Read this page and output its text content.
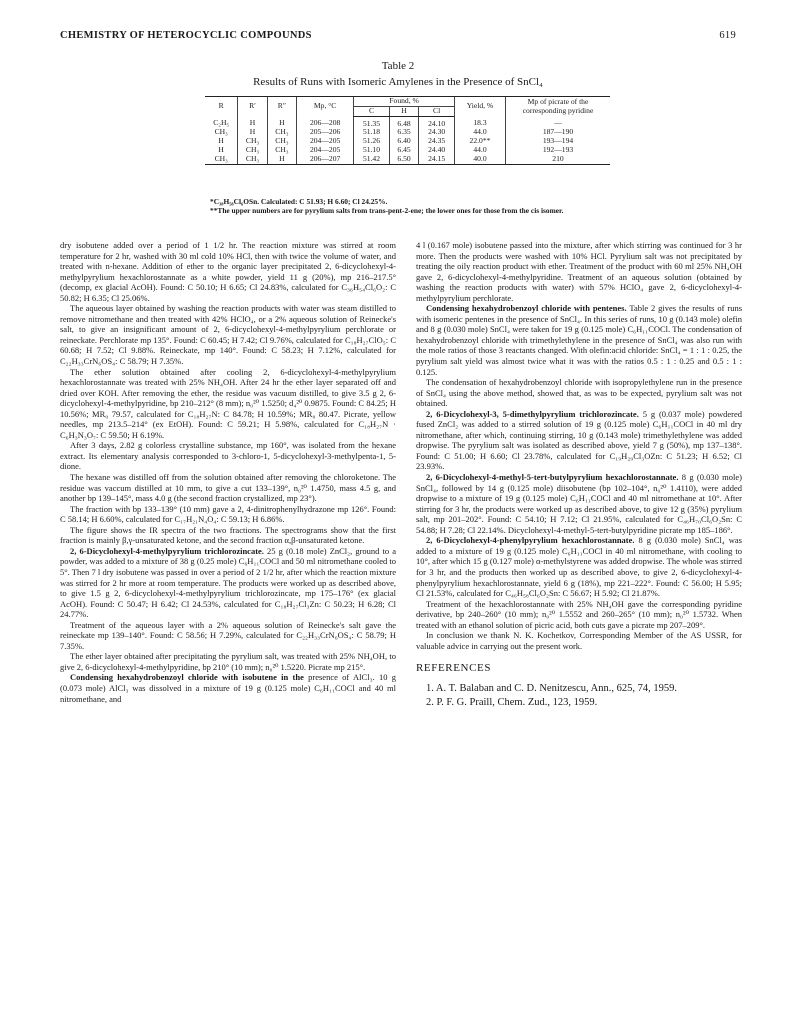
CHEMISTRY OF HETEROCYCLIC COMPOUNDS	619
Table 2
Results of Runs with Isomeric Amylenes in the Presence of SnCl₄
R	R′	R″	Mp, °C	Found, %			Yield, %	Mp of picrate of the corresponding pyridine
				C	H	Cl		
C₂H₅	H	H	206—208	51.35	6.48	24.10	18.3	—
CH₃	H	CH₃	205—206	51.18	6.35	24.30	44.0	187—190
H	CH₃	CH₃	204—205	51.26	6.40	24.35	22.0**	193—194
H	CH₃	CH₃	204—205	51.10	6.45	24.40	44.0	192—193
CH₃	CH₃	H	206—207	51.42	6.50	24.15	40.0	210
*C₃₈H₅₈Cl₆OSn. Calculated: C 51.93; H 6.60; Cl 24.25%.
**The upper numbers are for pyrylium salts from trans-pent-2-ene; the lower ones for those from the cis isomer.

dry isobutene added over a period of 1 1/2 hr. The reaction mixture was stirred at room temperature for 2 hr, washed with 30 ml cold 10% HCl, then with twice the volume of water, and treated with n-hexane. Addition of ether to the organic layer precipitated 2, 6-dicyclohexyl-4-methylpyrylium hexachlorostannate as a white powder, yield 11 g (20%), mp 216–217.5° (decomp, ex glacial AcOH). Found: C 50.10; H 6.65; Cl 24.83%, calculated for C₃₆H₅₄Cl₆O₂: C 50.82; H 6.35; Cl 25.06%.

The aqueous layer obtained by washing the reaction products with water was steam distilled to remove nitromethane and then treated with 42% HClO₄, or a 2% aqueous solution of Reinecke's salt, to give an insignificant amount of 2, 6-dicyclohexyl-4-methylpyrylium perchlorate or reineckate. Perchlorate mp 135°. Found: C 60.45; H 7.42; Cl 9.76%, calculated for C₁₈H₂₇ClO₅: C 60.68; H 7.52; Cl 9.88%. Reineckate, mp 140°. Found: C 58.23; H 7.12%, calculated for C₂₂H₃₃CrN₆OS₄: C 58.79; H 7.35%.

The ether solution obtained after cooling 2, 6-dicyclohexyl-4-methylpyrylium hexachlorostannate was treated with 25% NH₄OH. After 24 hr the ether layer separated off and dried over KOH. After removing the ether, the residue was vacuum distilled, to give 3.5 g 2, 6-dicyclohexyl-4-methylpyridine, bp 210–212° (8 mm); n₀²⁰ 1.5250; d₄²⁰ 0.9875. Found: C 84.25; H 10.56%; MR₀ 79.57, calculated for C₁₈H₂₇N: C 84.78; H 10.59%; MR₀ 80.47. Picrate, yellow needles, mp 213.5–214° (ex EtOH). Found: C 59.21; H 5.98%, calculated for C₁₈H₂₇N · C₆H₃N₃O₇: C 59.50; H 6.19%.

After 3 days, 2.82 g colorless crystalline substance, mp 160°, was isolated from the hexane extract. Its elementary analysis corresponded to 3-chloro-1, 5-dicyclohexyl-3-methylpenta-1, 5-dione.

The hexane was distilled off from the solution obtained after removing the chloroketone. The residue was vaccum distilled at 10 mm, to give a cut 133–139°, n₀²⁰ 1.4750, mass 4.5 g, and another bp 139–145°, mass 4.0 g (the second fraction crystallized, mp 23°).

The fraction with bp 133–139° (10 mm) gave a 2, 4-dinitrophenylhydrazone mp 126°. Found: C 58.14; H 6.60%, calculated for C₁₇H₂₁N₄O₄: C 59.13; H 6.86%.

The figure shows the IR spectra of the two fractions. The spectrograms show that the first fraction is mainly β,γ-unsaturated ketone, and the second fraction α,β-unsaturated ketone.

2, 6-Dicyclohexyl-4-methylpyrylium trichlorozincate. 25 g (0.18 mole) ZnCl₂, ground to a powder, was added to a mixture of 38 g (0.25 mole) C₆H₁₁COCl and 50 ml nitromethane cooled to 5°. Then 7 l dry isobutene was passed in over a period of 2 1/2 hr, after which the reaction mixture was stirred for 2 hr more at room temperature. The products were worked up as described above, to give 1.5 g 2, 6-dicyclohexyl-4-methylpyrylium trichlorozincate, mp 175–176° (ex glacial AcOH). Found: C 50.47; H 6.42; Cl 24.53%, calculated for C₁₈H₂₇Cl₃Zn: C 50.23; H 6.28; Cl 24.77%.

Treatment of the aqueous layer with a 2% aqueous solution of Reinecke's salt gave the reineckate mp 139–140°. Found: C 58.56; H 7.29%, calculated for C₂₂H₃₃CrN₆OS₄: C 58.79; H 7.35%.

The ether layer obtained after precipitating the pyrylium salt, was treated with 25% NH₄OH, to give 2, 6-dicyclohexyl-4-methylpyridine, bp 210° (10 mm); n₀²⁰ 1.5220. Picrate mp 215°.

Condensing hexahydrobenzoyl chloride with isobutene in the presence of AlCl₃. 10 g (0.073 mole) AlCl₃ was dissolved in a mixture of 19 g (0.125 mole) C₆H₁₁COCl and 40 ml nitromethane, and

4 l (0.167 mole) isobutene passed into the mixture, after which stirring was continued for 3 hr more. Then the products were washed with 10% HCl. Pyrylium salt was not precipitated by treating the oily reaction product with ether. Treatment of the product with 60 ml 25% NH₄OH gave 2, 6-dicyclohexyl-4-methylpyridine. Treatment of an aqueous solution (obtained by washing the reaction products with water) with 57% HClO₄ gave 2, 6-dicyclohexyl-4-methylpyrylium perchlorate.

Condensing hexahydrobenzoyl chloride with pentenes. Table 2 gives the results of runs with isomeric pentenes in the presence of SnCl₄. In this series of runs, 10 g (0.143 mole) olefin and 8 g (0.030 mole) SnCl₄ were taken for 19 g (0.125 mole) C₆H₁₁COCl. The condensation of hexahydrobenzoyl chloride with trimethylethylene in the presence of SnCl₄ was also run with the mole ratios of those 3 reactants changed. With olefin:acid chloride: SnCl₄ = 1 : 1 : 0.25, the pyrylium salt yield was almost twice what it was with the ratios 0.5 : 1 : 0.25 and 0.5 : 1 : 0.125.

The condensation of hexahydrobenzoyl chloride with isopropylethylene run in the presence of SnCl₄ using the above method, showed that, as was to be expected, pyrylium salt was not obtained.

2, 6-Dicyclohexyl-3, 5-dimethylpyrylium trichlorozincate. 5 g (0.037 mole) powdered fused ZnCl₂ was added to a stirred solution of 19 g (0.125 mole) C₆H₁₁COCl in 40 ml dry nitromethane, after which, continuing stirring, 10 g (0.143 mole) trimethylethylene was added dropwise. The pyrylium salt was isolated as described above, yield 7 g (50%), mp 137–138°. Found: C 51.00; H 6.60; Cl 23.78%, calculated for C₁₉H₂₉Cl₃OZn: C 51.23; H 6.52; Cl 23.93%.

2, 6-Dicyclohexyl-4-methyl-5-tert-butylpyrylium hexachlorostannate. 8 g (0.030 mole) SnCl₄, followed by 14 g (0.125 mole) diisobutene (bp 102–104°, n₀²⁰ 1.4110), were added dropwise to a mixture of 19 g (0.125 mole) C₆H₁₁COCl and 40 ml nitromethane at 10°. After stirring for 3 hr, the products were worked up as described above, to give 12 g (35%) pyrylium salt, mp 201–202°. Found: C 54.10; H 7.12; Cl 21.95%, calculated for C₄₆H₇₀Cl₆O₂Sn: C 54.88; H 7.28; Cl 22.14%. Dicyclohexyl-4-methyl-5-tert-butylpyridine picrate mp 185–186°.

2, 6-Dicyclohexyl-4-phenylpyrylium hexachlorostannate. 8 g (0.030 mole) SnCl₄ was added to a mixture of 19 g (0.125 mole) C₆H₁₁COCl in 40 ml nitromethane, with cooling to 10°, after which 15 g (0.127 mole) α-methylstyrene was added dropwise. The whole was stirred for 3 hr, and the products then worked up as described above, to give 2, 6-dicyclohexyl-4-phenylpyrylium hexachlorostannate, yield 6 g (18%), mp 221–222°. Found: C 56.00; H 5.95; Cl 21.53%, calculated for C₄₆H₅₈Cl₆O₂Sn: C 56.67; H 5.92; Cl 21.87%.

Treatment of the hexachlorostannate with 25% NH₄OH gave the corresponding pyridine derivative, bp 240–260° (10 mm); n₀²⁰ 1.5552 and 260–265° (10 mm); n₀²⁰ 1.5732. When treated with an ethanol solution of picric acid, both cuts gave a picrate mp 207–209°.

In conclusion we thank N. K. Kochetkov, Corresponding Member of the AS USSR, for valuable advice in carrying out the present work.

REFERENCES
1. A. T. Balaban and C. D. Nenitzescu, Ann., 625, 74, 1959.
2. P. F. G. Praill, Chem. Zud., 123, 1959.
